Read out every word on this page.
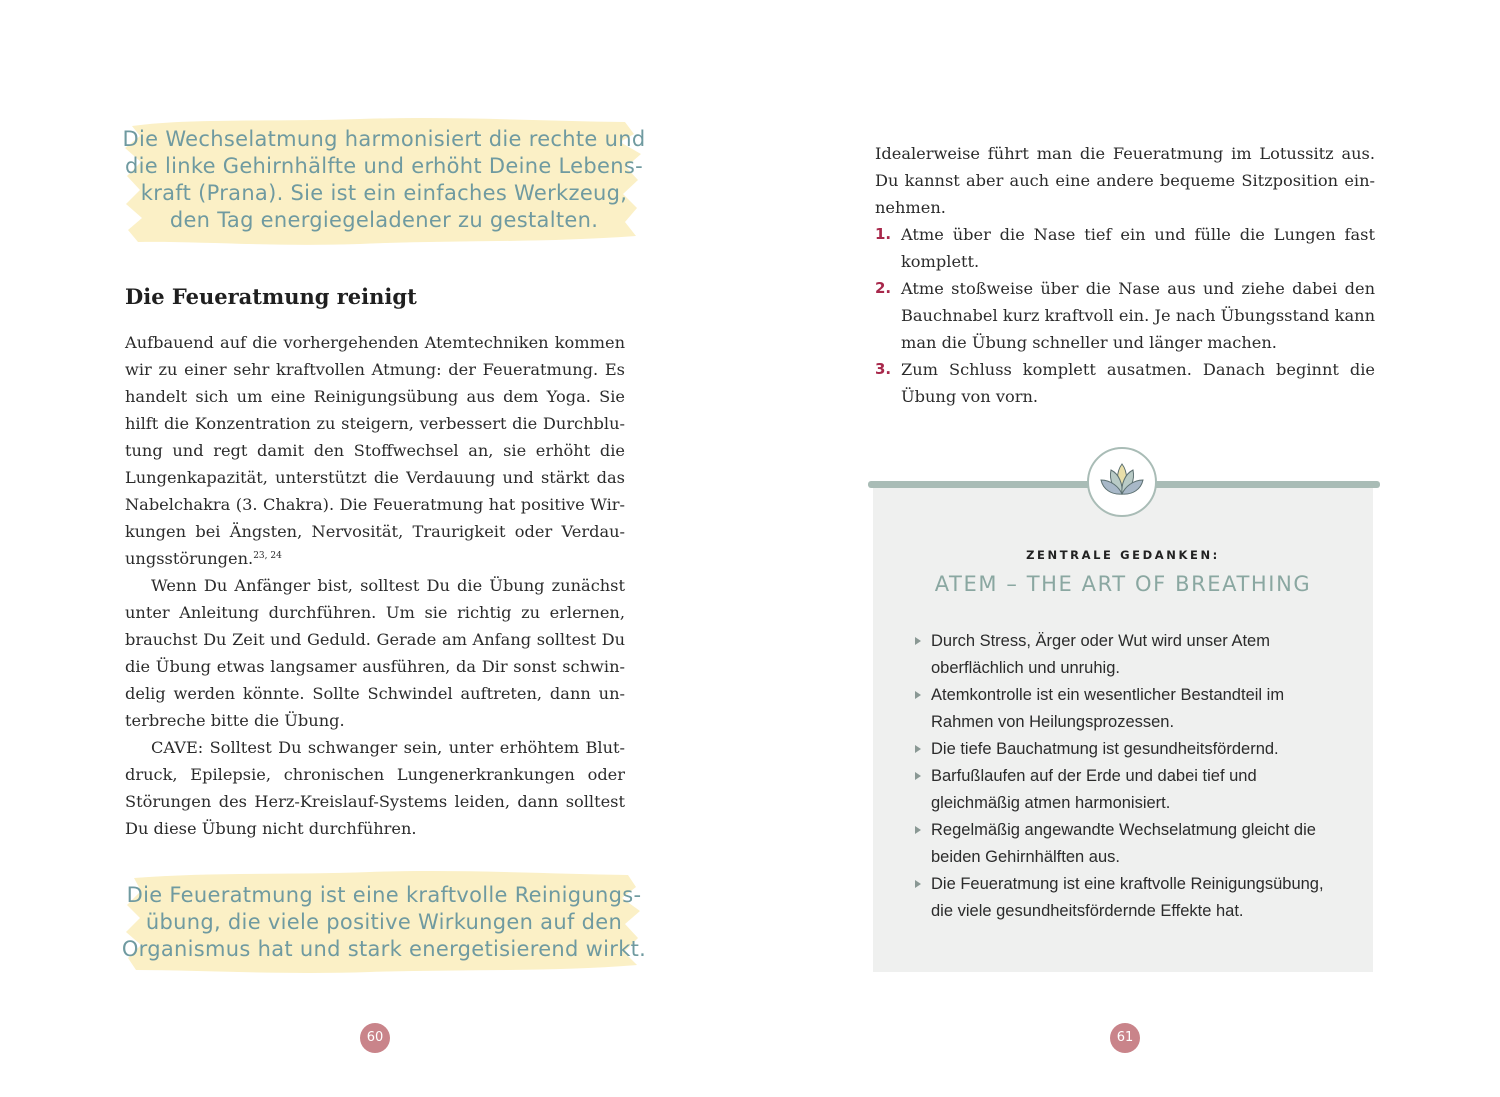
Die Wechselatmung harmonisiert die rechte und
die linke Gehirnhälfte und erhöht Deine Lebens-
kraft (Prana). Sie ist ein einfaches Werkzeug,
den Tag energiegeladener zu gestalten.
Die Feueratmung reinigt

Aufbauend auf die vorhergehenden Atemtechniken kommen wir zu einer sehr kraftvollen Atmung: der Feueratmung. Es handelt sich um eine Reinigungsübung aus dem Yoga. Sie hilft die Konzentration zu steigern, verbessert die Durchblutung und regt damit den Stoffwechsel an, sie erhöht die Lungenkapazität, unterstützt die Verdauung und stärkt das Nabelchakra (3. Chakra). Die Feueratmung hat positive Wirkungen bei Ängsten, Nervosität, Traurigkeit oder Verdauungsstörungen.$^{23, 24}$

Wenn Du Anfänger bist, solltest Du die Übung zunächst unter Anleitung durchführen. Um sie richtig zu erlernen, brauchst Du Zeit und Geduld. Gerade am Anfang solltest Du die Übung etwas langsamer ausführen, da Dir sonst schwindelig werden könnte. Sollte Schwindel auftreten, dann unterbreche bitte die Übung.

CAVE: Solltest Du schwanger sein, unter erhöhtem Blutdruck, Epilepsie, chronischen Lungenerkrankungen oder Störungen des Herz-Kreislauf-Systems leiden, dann solltest Du diese Übung nicht durchführen.

Die Feueratmung ist eine kraftvolle Reinigungs-
übung, die viele positive Wirkungen auf den
Organismus hat und stark energetisierend wirkt.
60

Idealerweise führt man die Feueratmung im Lotussitz aus. Du kannst aber auch eine andere bequeme Sitzposition einnehmen.

1. Atme über die Nase tief ein und fülle die Lungen fast komplett.
2. Atme stoßweise über die Nase aus und ziehe dabei den Bauchnabel kurz kraftvoll ein. Je nach Übungsstand kann man die Übung schneller und länger machen.
3. Zum Schluss komplett ausatmen. Danach beginnt die Übung von vorn.
ZENTRALE GEDANKEN:
ATEM – THE ART OF BREATHING
Durch Stress, Ärger oder Wut wird unser Atem oberflächlich und unruhig.
Atemkontrolle ist ein wesentlicher Bestandteil im Rahmen von Heilungsprozessen.
Die tiefe Bauchatmung ist gesundheitsfördernd.
Barfußlaufen auf der Erde und dabei tief und gleichmäßig atmen harmonisiert.
Regelmäßig angewandte Wechselatmung gleicht die beiden Gehirnhälften aus.
Die Feueratmung ist eine kraftvolle Reinigungsübung, die viele gesundheitsfördernde Effekte hat.
61
